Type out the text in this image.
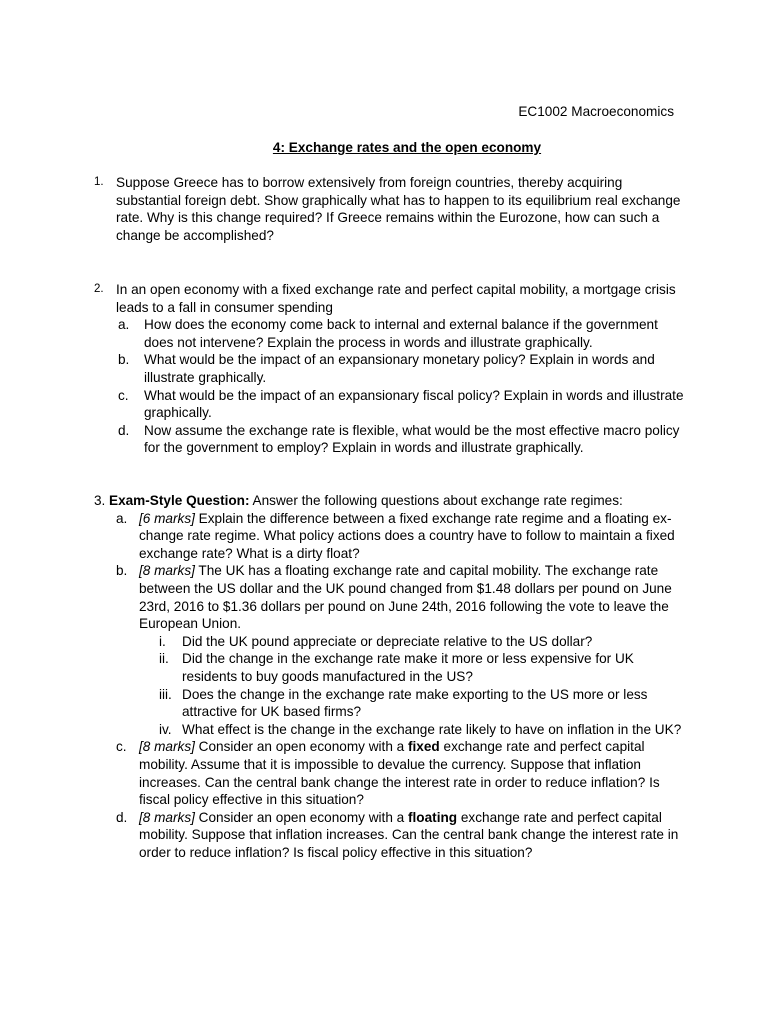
EC1002 Macroeconomics
4: Exchange rates and the open economy
1. Suppose Greece has to borrow extensively from foreign countries, thereby acquiring substantial foreign debt. Show graphically what has to happen to its equilibrium real exchange rate. Why is this change required? If Greece remains within the Eurozone, how can such a change be accomplished?
2. In an open economy with a fixed exchange rate and perfect capital mobility, a mortgage crisis leads to a fall in consumer spending
a. How does the economy come back to internal and external balance if the government does not intervene? Explain the process in words and illustrate graphically.
b. What would be the impact of an expansionary monetary policy? Explain in words and illustrate graphically.
c. What would be the impact of an expansionary fiscal policy? Explain in words and illustrate graphically.
d. Now assume the exchange rate is flexible, what would be the most effective macro policy for the government to employ? Explain in words and illustrate graphically.
3. Exam-Style Question: Answer the following questions about exchange rate regimes:
a. [6 marks] Explain the difference between a fixed exchange rate regime and a floating ex- change rate regime. What policy actions does a country have to follow to maintain a fixed exchange rate? What is a dirty float?
b. [8 marks] The UK has a floating exchange rate and capital mobility. The exchange rate between the US dollar and the UK pound changed from $1.48 dollars per pound on June 23rd, 2016 to $1.36 dollars per pound on June 24th, 2016 following the vote to leave the European Union.
i. Did the UK pound appreciate or depreciate relative to the US dollar?
ii. Did the change in the exchange rate make it more or less expensive for UK residents to buy goods manufactured in the US?
iii. Does the change in the exchange rate make exporting to the US more or less attractive for UK based firms?
iv. What effect is the change in the exchange rate likely to have on inflation in the UK?
c. [8 marks] Consider an open economy with a fixed exchange rate and perfect capital mobility. Assume that it is impossible to devalue the currency. Suppose that inflation increases. Can the central bank change the interest rate in order to reduce inflation? Is fiscal policy effective in this situation?
d. [8 marks] Consider an open economy with a floating exchange rate and perfect capital mobility. Suppose that inflation increases. Can the central bank change the interest rate in order to reduce inflation? Is fiscal policy effective in this situation?
